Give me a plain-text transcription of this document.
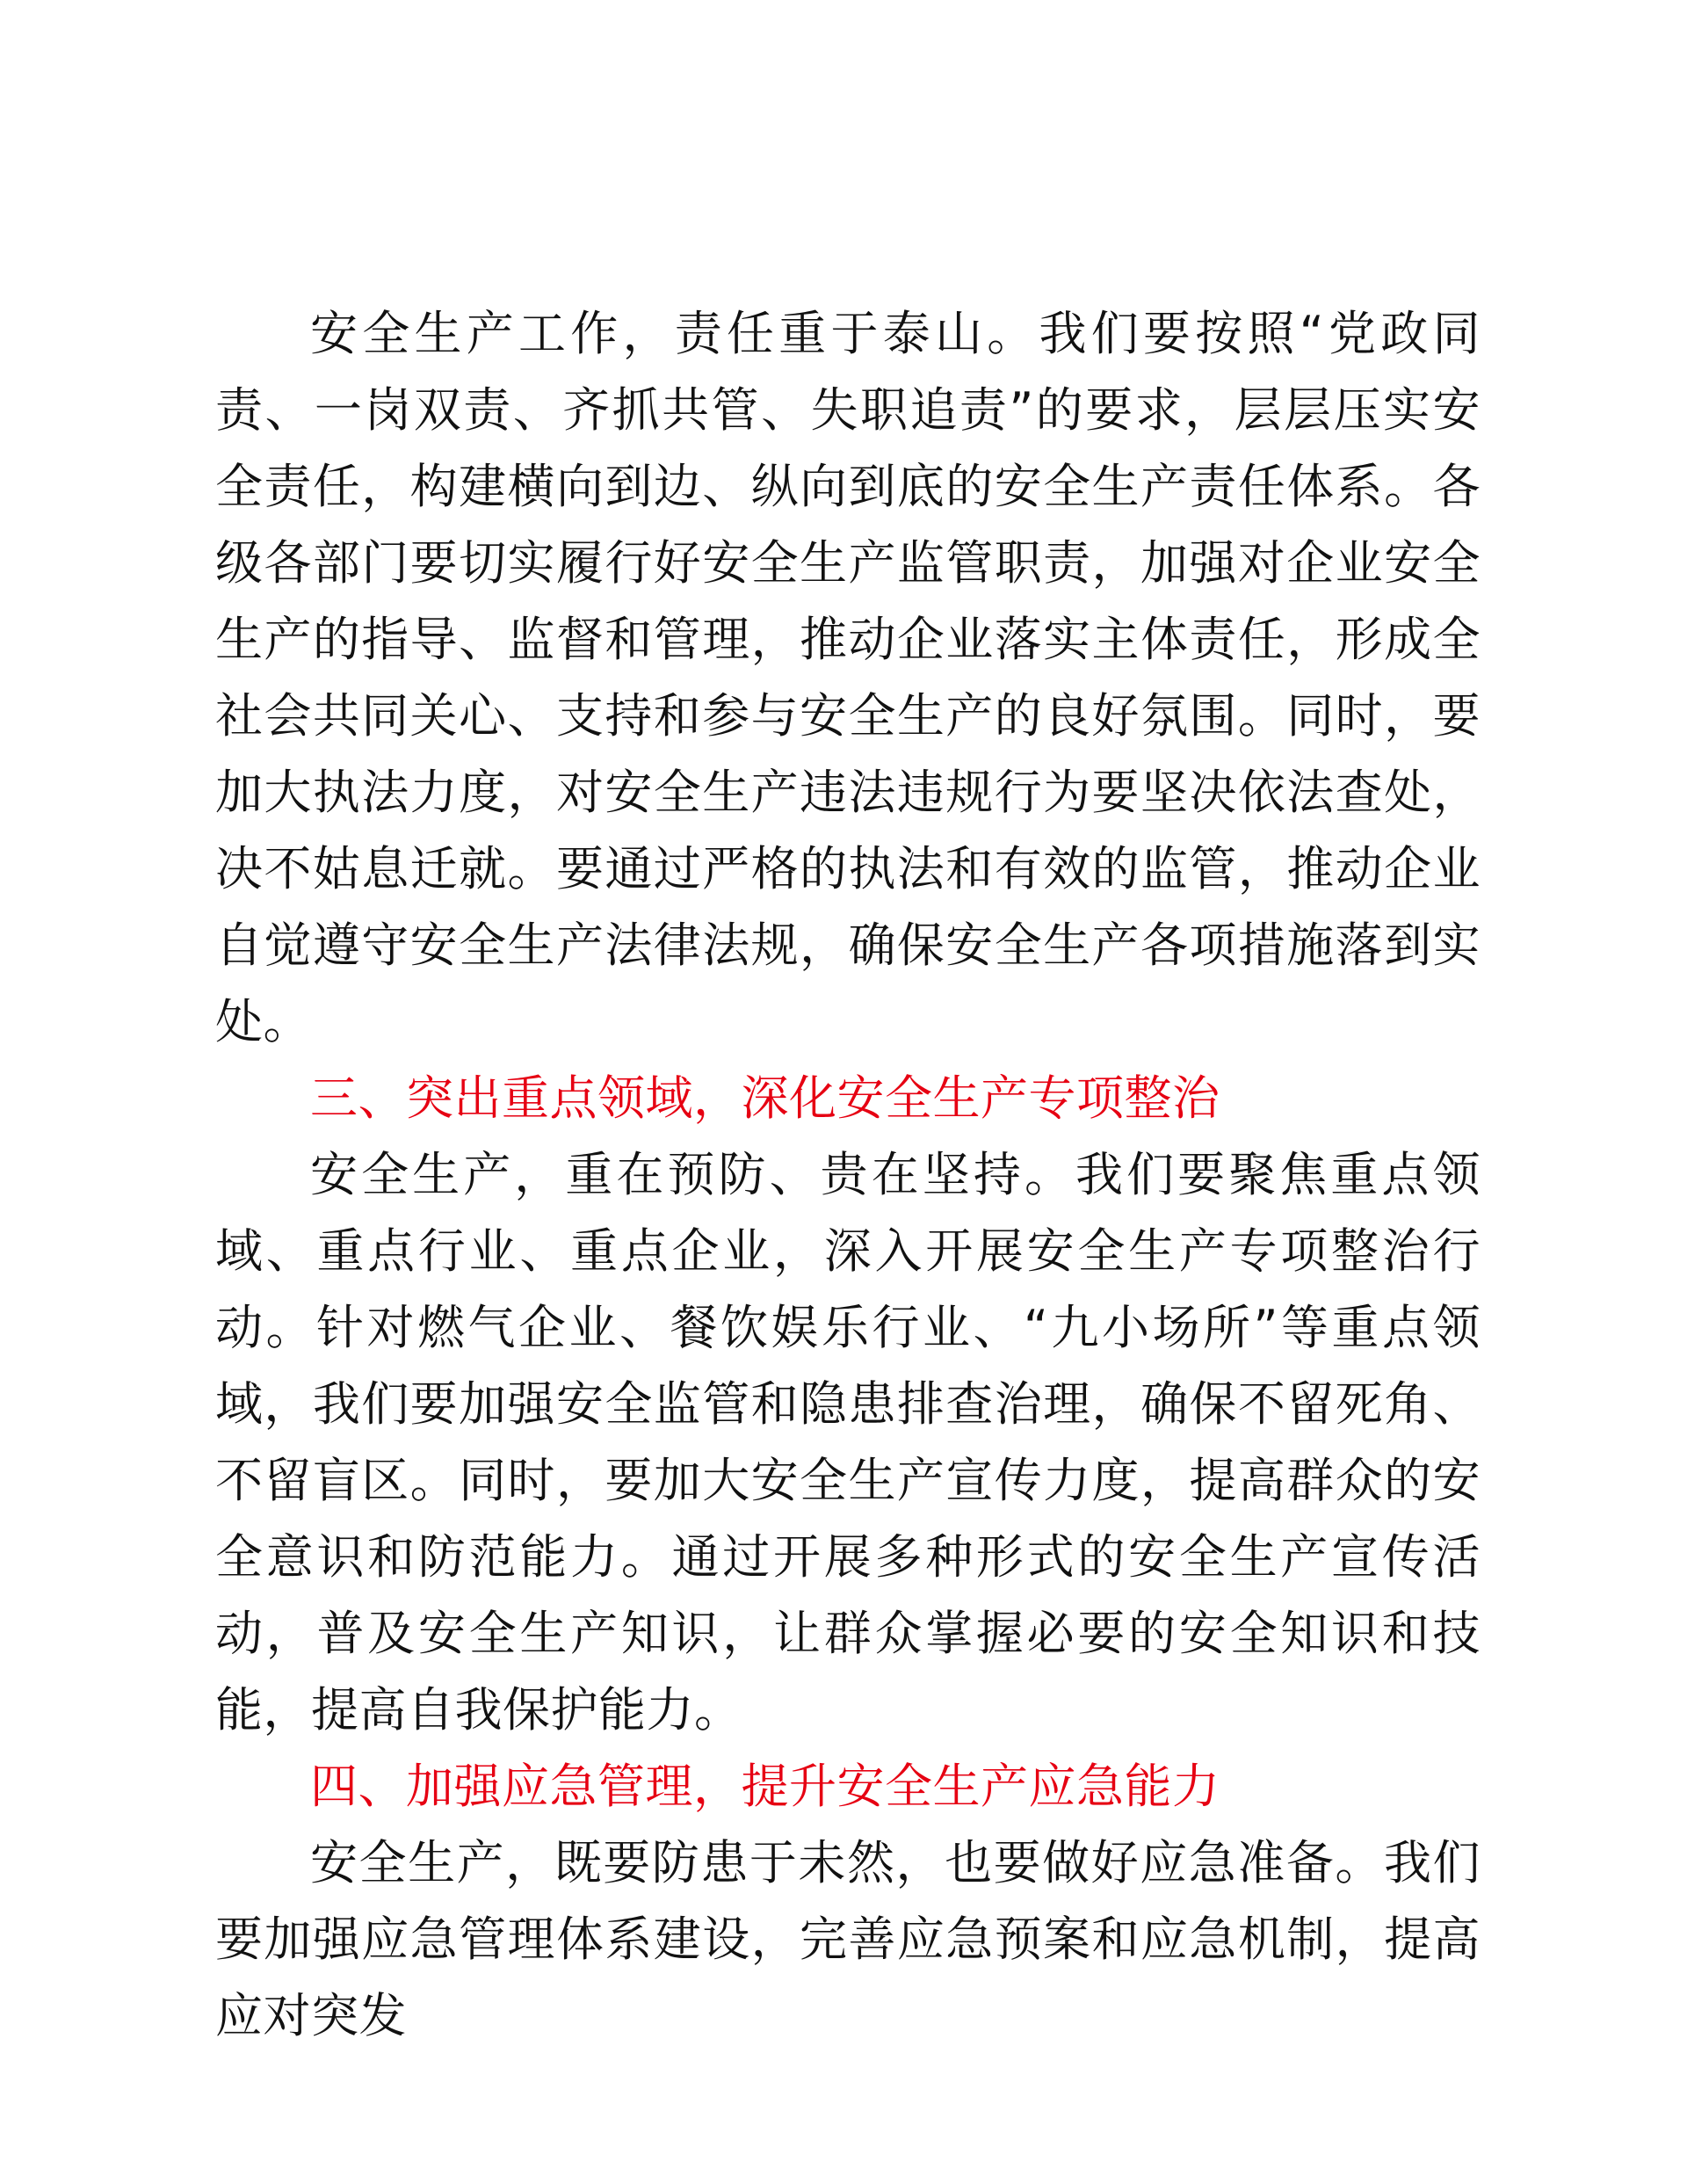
安全生产工作，责任重于泰山。我们要按照“党政同责、一岗双责、齐抓共管、失职追责”的要求，层层压实安全责任，构建横向到边、纵向到底的安全生产责任体系。各级各部门要切实履行好安全生产监管职责，加强对企业安全生产的指导、监督和管理，推动企业落实主体责任，形成全社会共同关心、支持和参与安全生产的良好氛围。同时，要加大执法力度，对安全生产违法违规行为要坚决依法查处，决不姑息迁就。要通过严格的执法和有效的监管，推动企业自觉遵守安全生产法律法规，确保安全生产各项措施落到实处。

三、突出重点领域，深化安全生产专项整治

安全生产，重在预防、贵在坚持。我们要聚焦重点领域、重点行业、重点企业，深入开展安全生产专项整治行动。针对燃气企业、餐饮娱乐行业、“九小场所”等重点领域，我们要加强安全监管和隐患排查治理，确保不留死角、不留盲区。同时，要加大安全生产宣传力度，提高群众的安全意识和防范能力。通过开展多种形式的安全生产宣传活动，普及安全生产知识，让群众掌握必要的安全知识和技能，提高自我保护能力。

四、加强应急管理，提升安全生产应急能力

安全生产，既要防患于未然，也要做好应急准备。我们要加强应急管理体系建设，完善应急预案和应急机制，提高应对突发
